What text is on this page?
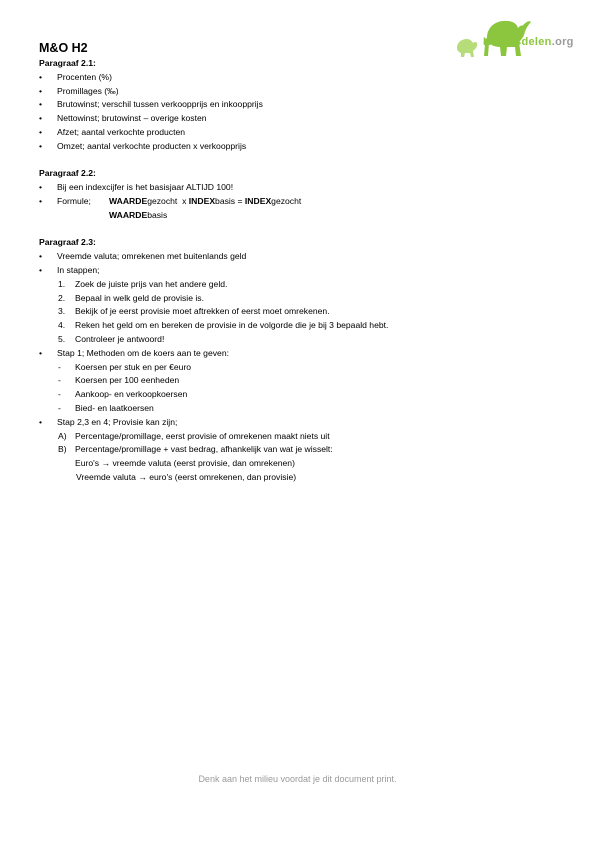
Kennisdelen.org
M&O H2
Paragraaf 2.1:
• Procenten (%)
• Promillages (‰)
• Brutowinst; verschil tussen verkoopprijs en inkoopprijs
• Nettowinst; brutowinst – overige kosten
• Afzet; aantal verkochte producten
• Omzet; aantal verkochte producten x verkoopprijs
Paragraaf 2.2:
• Bij een indexcijfer is het basisjaar ALTIJD 100!
• Formule; WAARDEgezocht  x INDEXbasis = INDEXgezocht
WAARDEbasis
Paragraaf 2.3:
• Vreemde valuta; omrekenen met buitenlands geld
• In stappen;
1. Zoek de juiste prijs van het andere geld.
2. Bepaal in welk geld de provisie is.
3. Bekijk of je eerst provisie moet aftrekken of eerst moet omrekenen.
4. Reken het geld om en bereken de provisie in de volgorde die je bij 3 bepaald hebt.
5. Controleer je antwoord!
• Stap 1; Methoden om de koers aan te geven:
- Koersen per stuk en per €euro
- Koersen per 100 eenheden
- Aankoop- en verkoopkoersen
- Bied- en laatkoersen
• Stap 2,3 en 4; Provisie kan zijn;
A) Percentage/promillage, eerst provisie of omrekenen maakt niets uit
B) Percentage/promillage + vast bedrag, afhankelijk van wat je wisselt:
Euro's → vreemde valuta (eerst provisie, dan omrekenen)
Vreemde valuta → euro's (eerst omrekenen, dan provisie)
Denk aan het milieu voordat je dit document print.
